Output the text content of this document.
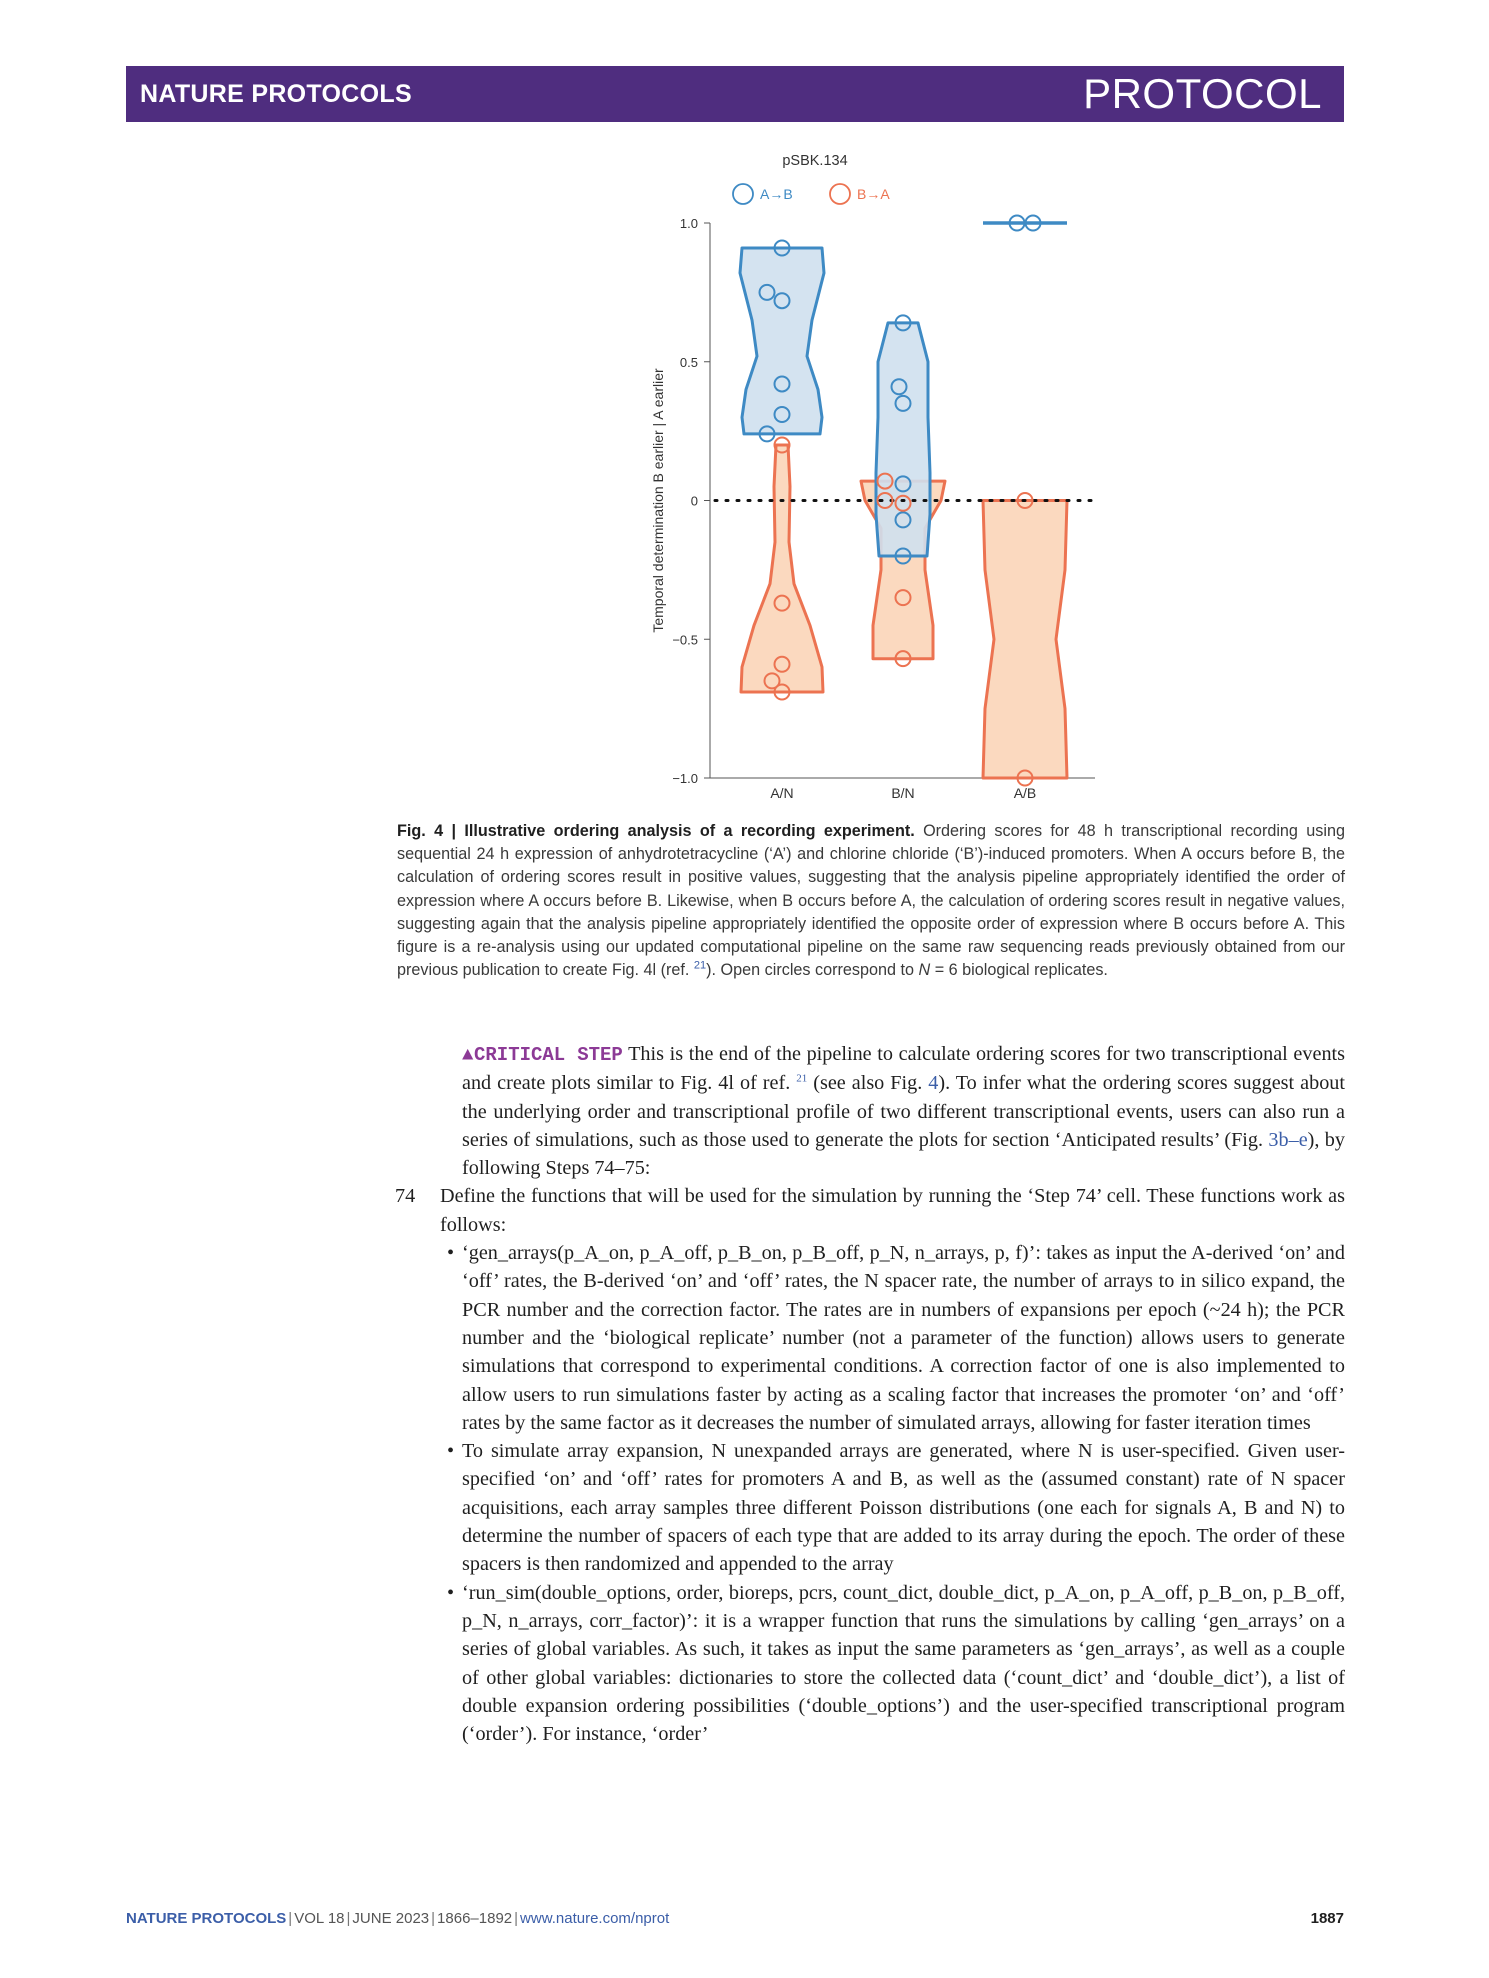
NATURE PROTOCOLS	PROTOCOL
pSBK.134
A→B	B→A
1.0
0.5
0
−0.5
−1.0
A/N	B/N	A/B
Temporal determination B earlier | A earlier
Fig. 4 | Illustrative ordering analysis of a recording experiment. Ordering scores for 48 h transcriptional recording using sequential 24 h expression of anhydrotetracycline (‘A’) and chlorine chloride (‘B’)-induced promoters. When A occurs before B, the calculation of ordering scores result in positive values, suggesting that the analysis pipeline appropriately identified the order of expression where A occurs before B. Likewise, when B occurs before A, the calculation of ordering scores result in negative values, suggesting again that the analysis pipeline appropriately identified the opposite order of expression where B occurs before A. This figure is a re-analysis using our updated computational pipeline on the same raw sequencing reads previously obtained from our previous publication to create Fig. 4l (ref. $^{21}$). Open circles correspond to N = 6 biological replicates.

▲CRITICAL STEP This is the end of the pipeline to calculate ordering scores for two transcriptional events and create plots similar to Fig. 4l of ref. $^{21}$ (see also Fig. 4). To infer what the ordering scores suggest about the underlying order and transcriptional profile of two different transcriptional events, users can also run a series of simulations, such as those used to generate the plots for section ‘Anticipated results’ (Fig. 3b–e), by following Steps 74–75:

74 Define the functions that will be used for the simulation by running the ‘Step 74’ cell. These functions work as follows:

• ‘gen_arrays(p_A_on, p_A_off, p_B_on, p_B_off, p_N, n_arrays, p, f)’: takes as input the A-derived ‘on’ and ‘off’ rates, the B-derived ‘on’ and ‘off’ rates, the N spacer rate, the number of arrays to in silico expand, the PCR number and the correction factor. The rates are in numbers of expansions per epoch (~24 h); the PCR number and the ‘biological replicate’ number (not a parameter of the function) allows users to generate simulations that correspond to experimental conditions. A correction factor of one is also implemented to allow users to run simulations faster by acting as a scaling factor that increases the promoter ‘on’ and ‘off’ rates by the same factor as it decreases the number of simulated arrays, allowing for faster iteration times
• To simulate array expansion, N unexpanded arrays are generated, where N is user-specified. Given user-specified ‘on’ and ‘off’ rates for promoters A and B, as well as the (assumed constant) rate of N spacer acquisitions, each array samples three different Poisson distributions (one each for signals A, B and N) to determine the number of spacers of each type that are added to its array during the epoch. The order of these spacers is then randomized and appended to the array
• ‘run_sim(double_options, order, bioreps, pcrs, count_dict, double_dict, p_A_on, p_A_off, p_B_on, p_B_off, p_N, n_arrays, corr_factor)’: it is a wrapper function that runs the simulations by calling ‘gen_arrays’ on a series of global variables. As such, it takes as input the same parameters as ‘gen_arrays’, as well as a couple of other global variables: dictionaries to store the collected data (‘count_dict’ and ‘double_dict’), a list of double expansion ordering possibilities (‘double_options’) and the user-specified transcriptional program (‘order’). For instance, ‘order’
NATURE PROTOCOLS | VOL 18 | JUNE 2023 | 1866–1892 | www.nature.com/nprot	1887
